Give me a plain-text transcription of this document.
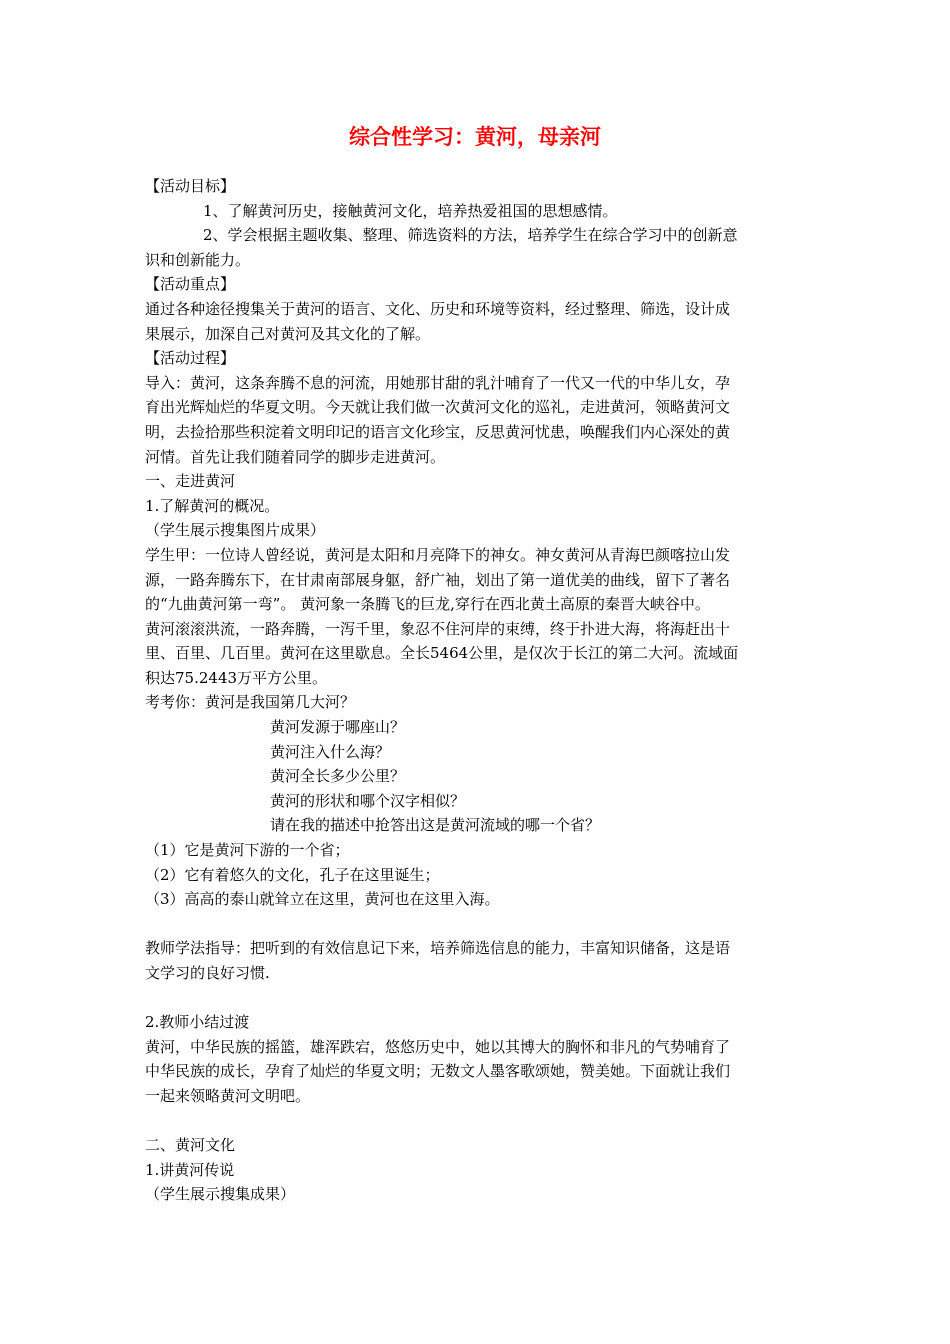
综合性学习：黄河，母亲河
【活动目标】
1、了解黄河历史，接触黄河文化，培养热爱祖国的思想感情。
2、学会根据主题收集、整理、筛选资料的方法，培养学生在综合学习中的创新意
识和创新能力。
【活动重点】
通过各种途径搜集关于黄河的语言、文化、历史和环境等资料，经过整理、筛选，设计成
果展示，加深自己对黄河及其文化的了解。
【活动过程】
导入：黄河，这条奔腾不息的河流，用她那甘甜的乳汁哺育了一代又一代的中华儿女，孕
育出光辉灿烂的华夏文明。今天就让我们做一次黄河文化的巡礼，走进黄河，领略黄河文
明，去捡拾那些积淀着文明印记的语言文化珍宝，反思黄河忧患，唤醒我们内心深处的黄
河情。首先让我们随着同学的脚步走进黄河。
一、走进黄河
1.了解黄河的概况。
（学生展示搜集图片成果）
学生甲：一位诗人曾经说，黄河是太阳和月亮降下的神女。神女黄河从青海巴颜喀拉山发
源，一路奔腾东下，在甘肃南部展身躯，舒广袖，划出了第一道优美的曲线，留下了著名
的“九曲黄河第一弯”。 黄河象一条腾飞的巨龙,穿行在西北黄土高原的秦晋大峡谷中。
黄河滚滚洪流，一路奔腾，一泻千里，象忍不住河岸的束缚，终于扑进大海，将海赶出十
里、百里、几百里。黄河在这里歇息。全长5464公里，是仅次于长江的第二大河。流域面
积达75.2443万平方公里。
考考你：黄河是我国第几大河？
黄河发源于哪座山？
黄河注入什么海？
黄河全长多少公里？
黄河的形状和哪个汉字相似？
请在我的描述中抢答出这是黄河流域的哪一个省？
（1）它是黄河下游的一个省；
（2）它有着悠久的文化，孔子在这里诞生；
（3）高高的泰山就耸立在这里，黄河也在这里入海。
教师学法指导：把听到的有效信息记下来，培养筛选信息的能力，丰富知识储备，这是语
文学习的良好习惯.
2.教师小结过渡
黄河，中华民族的摇篮，雄浑跌宕，悠悠历史中，她以其博大的胸怀和非凡的气势哺育了
中华民族的成长，孕育了灿烂的华夏文明；无数文人墨客歌颂她，赞美她。下面就让我们
一起来领略黄河文明吧。
二、黄河文化
1.讲黄河传说
（学生展示搜集成果）
